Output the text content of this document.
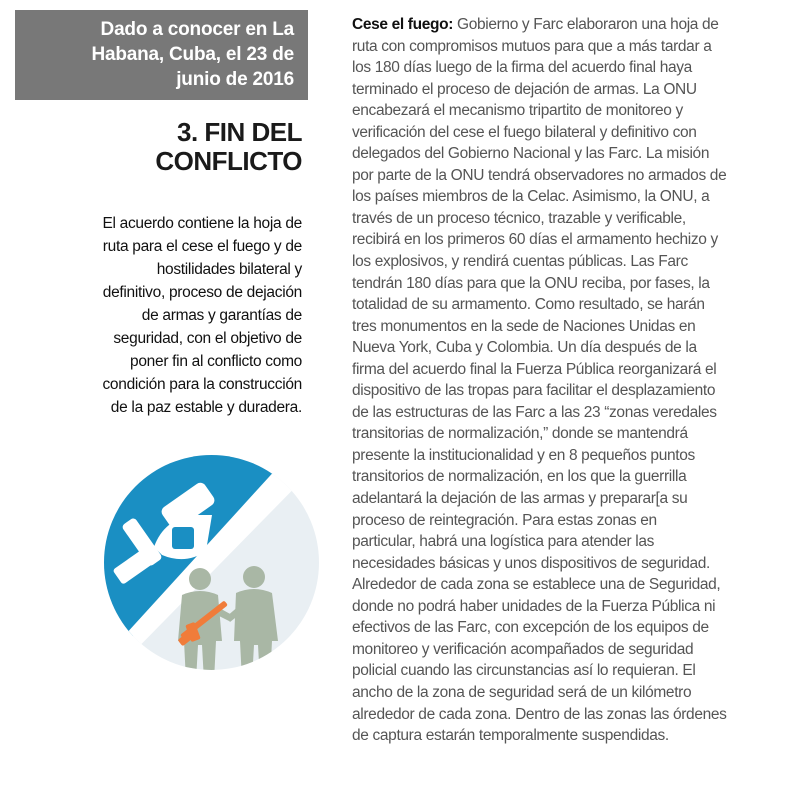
Dado a conocer en La
Habana, Cuba, el 23 de
junio de 2016
3. FIN DEL
CONFLICTO
El acuerdo contiene la hoja de
ruta para el cese el fuego y de
hostilidades bilateral y
definitivo, proceso de dejación
de armas y garantías de
seguridad, con el objetivo de
poner fin al conflicto como
condición para la construcción
de la paz estable y duradera.
Cese el fuego: Gobierno y Farc elaboraron una hoja de
ruta con compromisos mutuos para que a más tardar a
los 180 días luego de la firma del acuerdo final haya
terminado el proceso de dejación de armas. La ONU
encabezará el mecanismo tripartito de monitoreo y
verificación del cese el fuego bilateral y definitivo con
delegados del Gobierno Nacional y las Farc. La misión
por parte de la ONU tendrá observadores no armados de
los países miembros de la Celac. Asimismo, la ONU, a
través de un proceso técnico, trazable y verificable,
recibirá en los primeros 60 días el armamento hechizo y
los explosivos, y rendirá cuentas públicas. Las Farc
tendrán 180 días para que la ONU reciba, por fases, la
totalidad de su armamento. Como resultado, se harán
tres monumentos en la sede de Naciones Unidas en
Nueva York, Cuba y Colombia. Un día después de la
firma del acuerdo final la Fuerza Pública reorganizará el
dispositivo de las tropas para facilitar el desplazamiento
de las estructuras de las Farc a las 23 “zonas veredales
transitorias de normalización,” donde se mantendrá
presente la institucionalidad y en 8 pequeños puntos
transitorios de normalización, en los que la guerrilla
adelantará la dejación de las armas y preparar[a su
proceso de reintegración. Para estas zonas en
particular, habrá una logística para atender las
necesidades básicas y unos dispositivos de seguridad.
Alrededor de cada zona se establece una de Seguridad,
donde no podrá haber unidades de la Fuerza Pública ni
efectivos de las Farc, con excepción de los equipos de
monitoreo y verificación acompañados de seguridad
policial cuando las circunstancias así lo requieran. El
ancho de la zona de seguridad será de un kilómetro
alrededor de cada zona. Dentro de las zonas las órdenes
de captura estarán temporalmente suspendidas.
